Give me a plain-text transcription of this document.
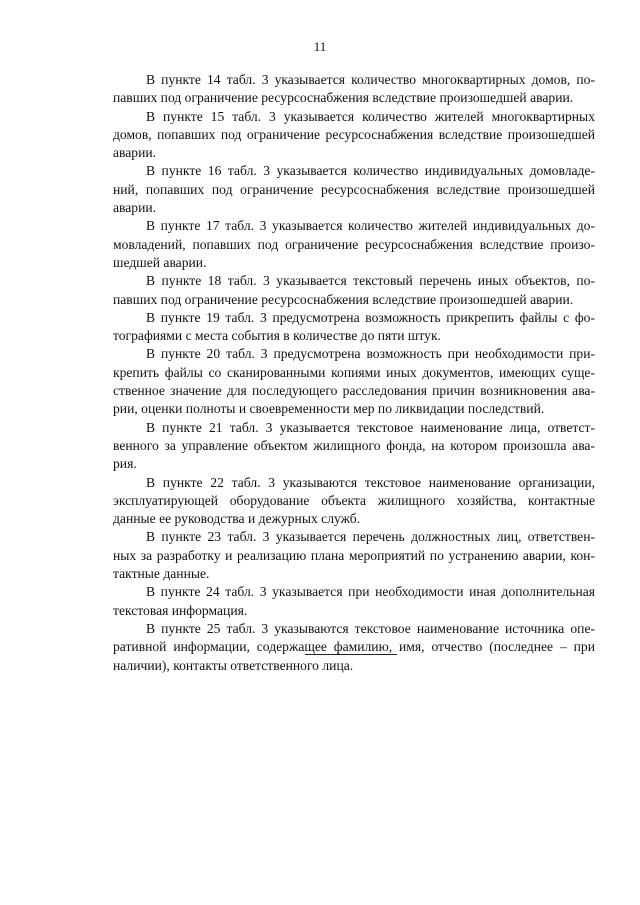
11
В пункте 14 табл. 3 указывается количество многоквартирных домов, по-
павших под ограничение ресурсоснабжения вследствие произошедшей аварии.
В пункте 15 табл. 3 указывается количество жителей многоквартирных
домов, попавших под ограничение ресурсоснабжения вследствие произошедшей
аварии.
В пункте 16 табл. 3 указывается количество индивидуальных домовладе-
ний, попавших под ограничение ресурсоснабжения вследствие произошедшей
аварии.
В пункте 17 табл. 3 указывается количество жителей индивидуальных до-
мовладений, попавших под ограничение ресурсоснабжения вследствие произо-
шедшей аварии.
В пункте 18 табл. 3 указывается текстовый перечень иных объектов, по-
павших под ограничение ресурсоснабжения вследствие произошедшей аварии.
В пункте 19 табл. 3 предусмотрена возможность прикрепить файлы с фо-
тографиями с места события в количестве до пяти штук.
В пункте 20 табл. 3 предусмотрена возможность при необходимости при-
крепить файлы со сканированными копиями иных документов, имеющих суще-
ственное значение для последующего расследования причин возникновения ава-
рии, оценки полноты и своевременности мер по ликвидации последствий.
В пункте 21 табл. 3 указывается текстовое наименование лица, ответст-
венного за управление объектом жилищного фонда, на котором произошла ава-
рия.
В пункте 22 табл. 3 указываются текстовое наименование организации,
эксплуатирующей оборудование объекта жилищного хозяйства, контактные
данные ее руководства и дежурных служб.
В пункте 23 табл. 3 указывается перечень должностных лиц, ответствен-
ных за разработку и реализацию плана мероприятий по устранению аварии, кон-
тактные данные.
В пункте 24 табл. 3 указывается при необходимости иная дополнительная
текстовая информация.
В пункте 25 табл. 3 указываются текстовое наименование источника опе-
ративной информации, содержащее фамилию, имя, отчество (последнее – при
наличии), контакты ответственного лица.
